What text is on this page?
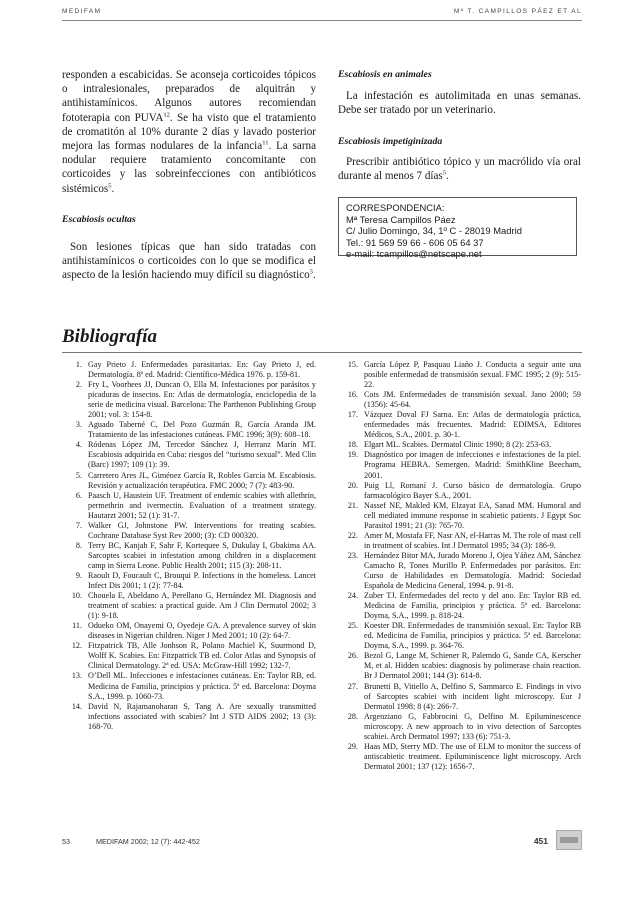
MEDIFAM	Mª T. CAMPILLOS PÁEZ ET AL

responden a escabicidas. Se aconseja corticoides tópicos o intralesionales, preparados de alquitrán y antihistamínicos. Algunos autores recomiendan fototerapia con PUVA$^{12}$. Se ha visto que el tratamiento de cromatitón al 10% durante 2 días y lavado posterior mejora las formas nodulares de la infancia$^{11}$. La sarna nodular requiere tratamiento concomitante con corticoides y las sobreinfecciones con antibióticos sistémicos$^5$.

Escabiosis ocultas

Son lesiones típicas que han sido tratadas con antihistamínicos o corticoides con lo que se modifica el aspecto de la lesión haciendo muy difícil su diagnóstico$^5$.

Escabiosis en animales

La infestación es autolimitada en unas semanas. Debe ser tratado por un veterinario.

Escabiosis impetiginizada

Prescribir antibiótico tópico y un macrólido vía oral durante al menos 7 días$^5$.

CORRESPONDENCIA:
Mª Teresa Campillos Páez
C/ Julio Domingo, 34, 1º C - 28019 Madrid
Tel.: 91 569 59 66 - 606 05 64 37
e-mail: tcampillos@netscape.net
Bibliografía
1. Gay Prieto J. Enfermedades parasitarias. En: Gay Prieto J, ed. Dermatología. 8ª ed. Madrid: Científico-Médica 1976. p. 159-81.
2. Fry L, Voorhees JJ, Duncan O, Ella M. Infestaciones por parásitos y picaduras de insectos. En: Atlas de dermatología, enciclopedia de la serie de medicina visual. Barcelona: The Parthenon Publishing Group 2001; vol. 3: 154-8.
3. Aguado Taberné C, Del Pozo Guzmán R, García Aranda JM. Tratamiento de las infestaciones cutáneas. FMC 1996; 3(9): 608–18.
4. Ródenas López JM, Tercedor Sánchez J, Herranz Marín MT. Escabiosis adquirida en Cuba: riesgos del “turismo sexual”. Med Clin (Barc) 1997; 109 (1): 39.
5. Carretero Ares JL, Giménez García R, Robles García M. Escabiosis. Revisión y actualización terapéutica. FMC 2000; 7 (7): 483-90.
6. Paasch U, Haustein UF. Treatment of endemic scabies with allethrin, permethrin and ivermectin. Evaluation of a treatment strategy. Hautarzt 2001; 52 (1): 31-7.
7. Walker GJ, Johnstone PW. Interventions for treating scabies. Cochrane Database Syst Rev 2000; (3): CD 000320.
8. Terry BC, Kanjah F, Sahr F, Kortequee S, Dukulay I, Gbakima AA. Sarcoptes scabiei in infestation among children in a displacement camp in Sierra Leone. Public Health 2001; 115 (3): 208-11.
9. Raoult D, Foucault C, Brouqui P. Infections in the homeless. Lancet Infect Dis 2001; 1 (2): 77-84.
10. Chouela E, Abeldano A, Perellano G, Hernández MI. Diagnosis and treatment of scabies: a practical guide. Am J Clin Dermatol 2002; 3 (1): 9-18.
11. Odueko OM, Onayemi O, Oyedeje GA. A prevalence survey of skin diseases in Nigerian children. Niger J Med 2001; 10 (2): 64-7.
12. Fitzpatrick TB, Alle Jonhson R, Polano Machiel K, Suurmond D, Wolff K. Scabies. En: Fitzpatrick TB ed. Color Atlas and Synopsis of Clinical Dermatology. 2ª ed. USA: McGraw-Hill 1992; 132-7.
13. O’Dell ML. Infecciones e infestaciones cutáneas. En: Taylor RB, ed. Medicina de Familia, principios y práctica. 5ª ed. Barcelona: Doyma S.A., 1999. p. 1060-73.
14. David N, Rajamanoharan S, Tang A. Are sexually transmitted infections associated with scabies? Int J STD AIDS 2002; 13 (3): 168-70.
15. García López P, Pasquau Liaño J. Conducta a seguir ante una posible enfermedad de transmisión sexual. FMC 1995; 2 (9): 515-22.
16. Cots JM. Enfermedades de transmisión sexual. Jano 2000; 59 (1356): 45-64.
17. Vázquez Doval FJ Sarna. En: Atlas de dermatología práctica, enfermedades más frecuentes. Madrid: EDIMSA, Editores Médicos, S.A., 2001. p. 30-1.
18. Elgart ML. Scabies. Dermatol Clinic 1990; 8 (2): 253-63.
19. Diagnóstico por imagen de infecciones e infestaciones de la piel. Programa HEBRA. Semergen. Madrid: SmithKline Beecham, 2001.
20. Puig Ll, Romaní J. Curso básico de dermatología. Grupo farmacológico Bayer S.A., 2001.
21. Nassef NE, Makled KM, Elzayat EA, Sanad MM. Humoral and cell mediated immune response in scabietic patients. J Egypt Soc Parasitol 1991; 21 (3): 765-70.
22. Amer M, Mostafa FF, Nasr AN, el-Harras M. The role of mast cell in treatment of scabies. Int J Dermatol 1995; 34 (3): 186-9.
23. Hernández Bitor MA, Jurado Moreno J, Ojea Yáñez AM, Sánchez Camacho R, Tones Murillo P. Enfermedades por parásitos. En: Curso de Habilidades en Dermatología. Madrid: Sociedad Española de Medicina General, 1994. p. 91-8.
24. Zuber TJ. Enfermedades del recto y del ano. En: Taylor RB ed. Medicina de Familia, principios y práctica. 5ª ed. Barcelona: Doyma, S.A., 1999. p. 818-24.
25. Koester DR. Enfermedades de transmisión sexual. En: Taylor RB ed. Medicina de Familia, principios y práctica. 5ª ed. Barcelona: Doyma, S.A., 1999. p. 364-76.
26. Bezol G, Lange M, Schiener R, Palemdo G, Sande CA, Kerscher M, et al. Hidden scabies: diagnosis by polimerase chain reaction. Br J Dermatol 2001; 144 (3): 614-8.
27. Brunetti B, Vitiello A, Delfino S, Sammarco E. Findings in vivo of Sarcoptes scabiei with incident light microscopy. Eur J Dermatol 1998; 8 (4): 266-7.
28. Argenziano G, Fabbrocini G, Delfino M. Epiluminescence microscopy. A new approach to in vivo detection of Sarcoptes scabiei. Arch Dermatol 1997; 133 (6): 751-3.
29. Haas MD, Sterry MD. The use of ELM to monitor the success of antiscabietic treatment. Epiluminiscence light microscopy. Arch Dermatol 2001; 137 (12): 1656-7.
53	MEDIFAM 2002; 12 (7): 442-452	451
